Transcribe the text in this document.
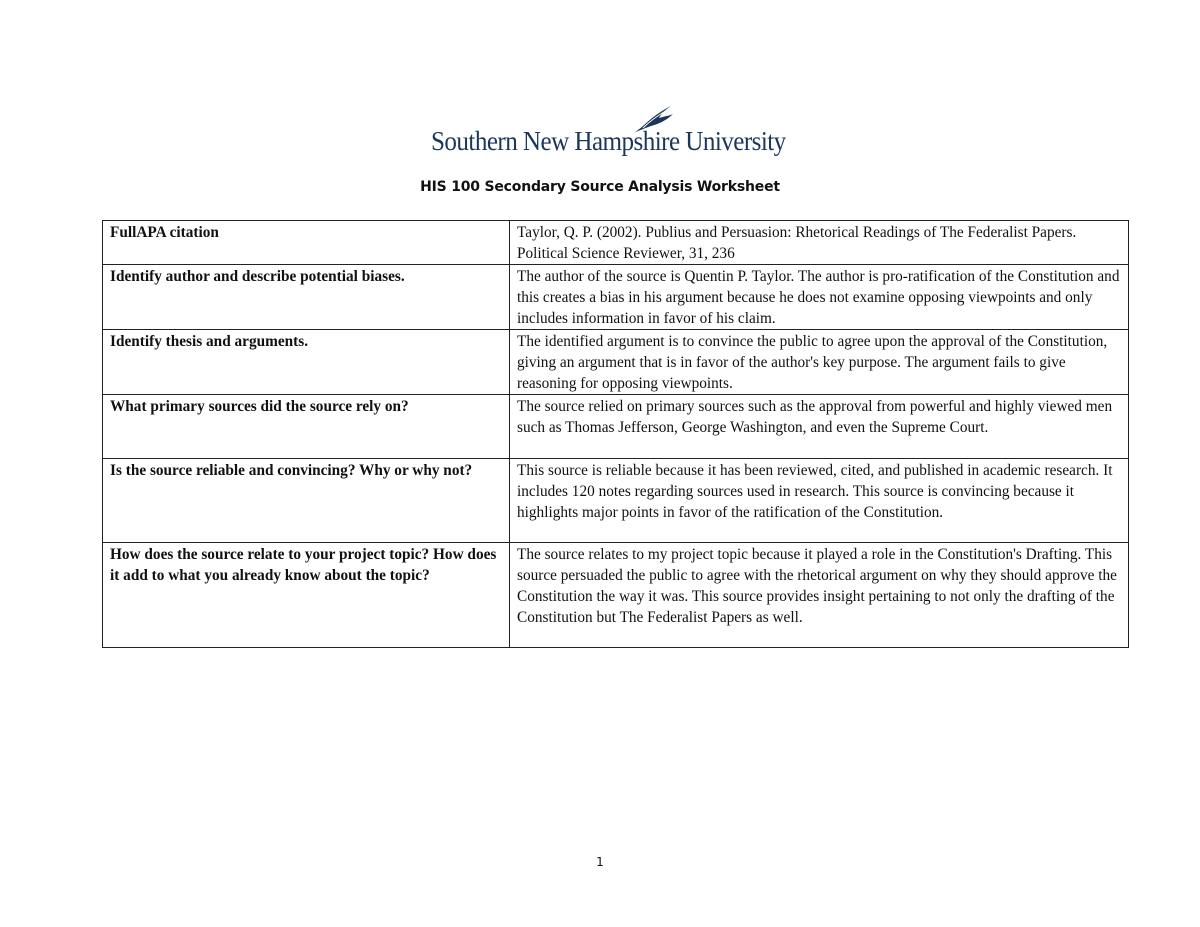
Southern New Hampshire University
HIS 100 Secondary Source Analysis Worksheet
FullAPA citation	Taylor, Q. P. (2002). Publius and Persuasion: Rhetorical Readings of The Federalist Papers. Political Science Reviewer, 31, 236
Identify author and describe potential biases.	The author of the source is Quentin P. Taylor. The author is pro-ratification of the Constitution and this creates a bias in his argument because he does not examine opposing viewpoints and only includes information in favor of his claim.
Identify thesis and arguments.	The identified argument is to convince the public to agree upon the approval of the Constitution, giving an argument that is in favor of the author's key purpose. The argument fails to give reasoning for opposing viewpoints.
What primary sources did the source rely on?	The source relied on primary sources such as the approval from powerful and highly viewed men such as Thomas Jefferson, George Washington, and even the Supreme Court.
Is the source reliable and convincing? Why or why not?	This source is reliable because it has been reviewed, cited, and published in academic research. It includes 120 notes regarding sources used in research. This source is convincing because it highlights major points in favor of the ratification of the Constitution.
How does the source relate to your project topic? How does it add to what you already know about the topic?	The source relates to my project topic because it played a role in the Constitution's Drafting. This source persuaded the public to agree with the rhetorical argument on why they should approve the Constitution the way it was. This source provides insight pertaining to not only the drafting of the Constitution but The Federalist Papers as well.
1
